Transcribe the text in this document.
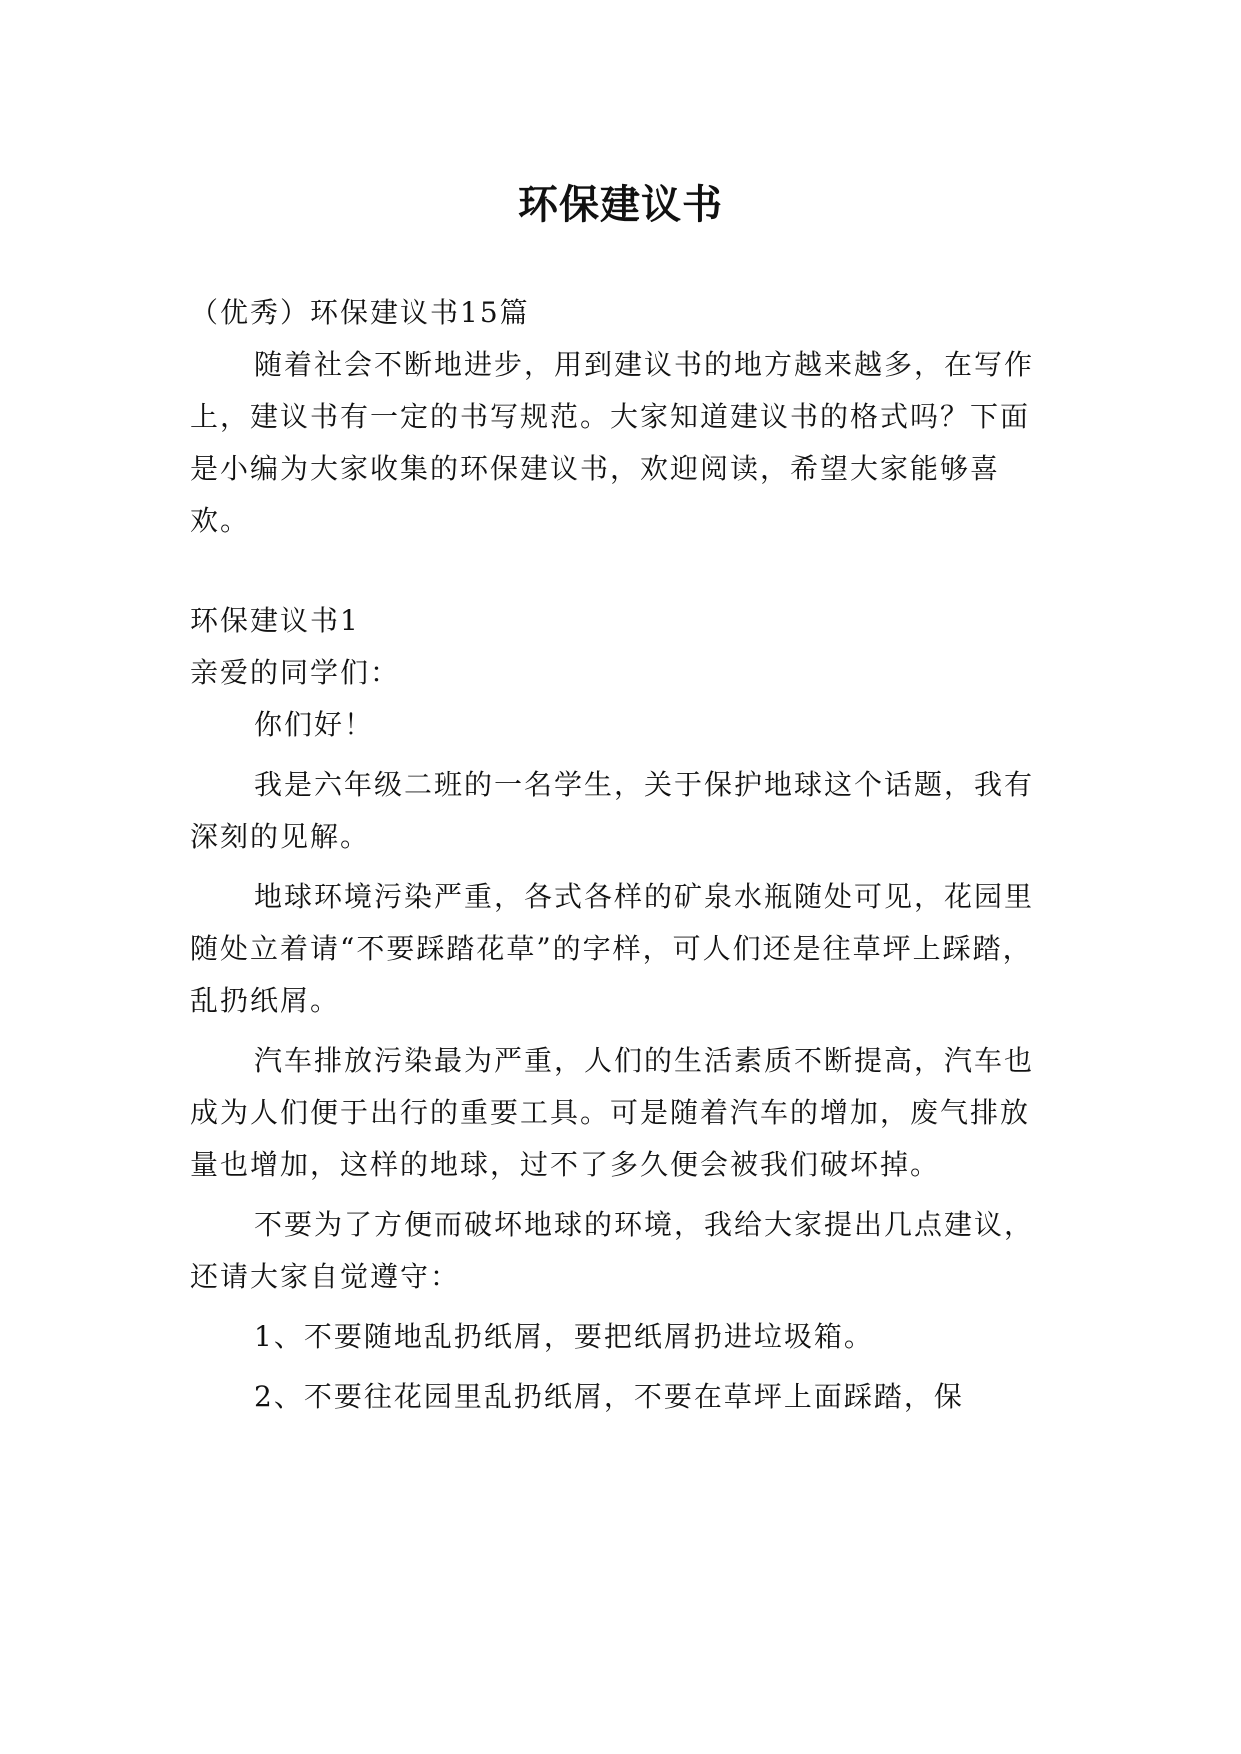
环保建议书

（优秀）环保建议书15篇

随着社会不断地进步，用到建议书的地方越来越多，在写作上，建议书有一定的书写规范。大家知道建议书的格式吗？下面是小编为大家收集的环保建议书，欢迎阅读，希望大家能够喜欢。

环保建议书1

亲爱的同学们：

你们好！

我是六年级二班的一名学生，关于保护地球这个话题，我有深刻的见解。

地球环境污染严重，各式各样的矿泉水瓶随处可见，花园里随处立着请“不要踩踏花草”的字样，可人们还是往草坪上踩踏，乱扔纸屑。

汽车排放污染最为严重，人们的生活素质不断提高，汽车也成为人们便于出行的重要工具。可是随着汽车的增加，废气排放量也增加，这样的地球，过不了多久便会被我们破坏掉。

不要为了方便而破坏地球的环境，我给大家提出几点建议，还请大家自觉遵守：

1、不要随地乱扔纸屑，要把纸屑扔进垃圾箱。

2、不要往花园里乱扔纸屑，不要在草坪上面踩踏，保
